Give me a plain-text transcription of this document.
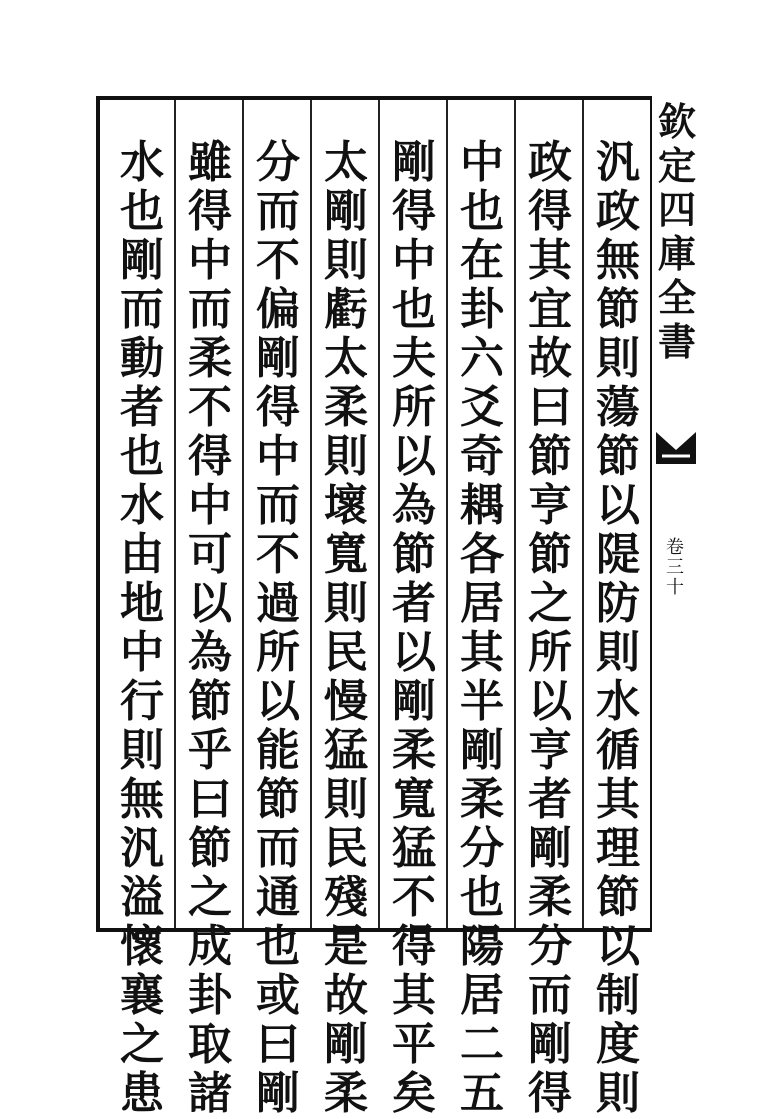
欽
定
四
庫
全
書
卷
三
十
汎
政
無
節
則
蕩
節
以
隄
防
則
水
循
其
理
節
以
制
度
則
政
得
其
宜
故
曰
節
亨
節
之
所
以
亨
者
剛
柔
分
而
剛
得
中
也
在
卦
六
爻
奇
耦
各
居
其
半
剛
柔
分
也
陽
居
二
五
剛
得
中
也
夫
所
以
為
節
者
以
剛
柔
寬
猛
不
得
其
平
矣
太
剛
則
虧
太
柔
則
壞
寬
則
民
慢
猛
則
民
殘
是
故
剛
柔
分
而
不
偏
剛
得
中
而
不
過
所
以
能
節
而
通
也
或
曰
剛
雖
得
中
而
柔
不
得
中
可
以
為
節
乎
曰
節
之
成
卦
取
諸
水
也
剛
而
動
者
也
水
由
地
中
行
則
無
汎
溢
懷
襄
之
患
